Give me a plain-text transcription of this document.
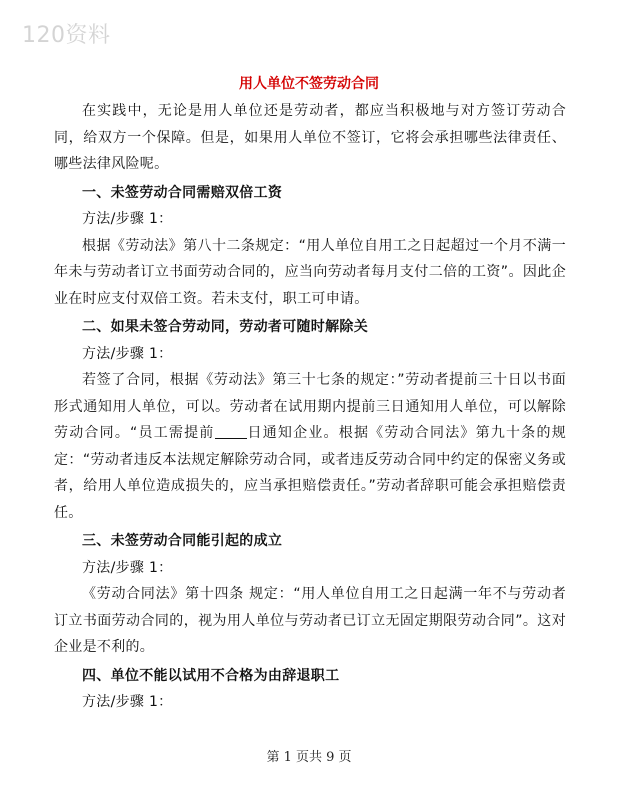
120资料
用人单位不签劳动合同

在实践中，无论是用人单位还是劳动者，都应当积极地与对方签订劳动合同，给双方一个保障。但是，如果用人单位不签订，它将会承担哪些法律责任、哪些法律风险呢。

一、未签劳动合同需赔双倍工资

方法/步骤 1：

根据《劳动法》第八十二条规定：“用人单位自用工之日起超过一个月不满一年未与劳动者订立书面劳动合同的，应当向劳动者每月支付二倍的工资”。因此企业在时应支付双倍工资。若未支付，职工可申请。

二、如果未签合劳动同，劳动者可随时解除关

方法/步骤 1：

若签了合同，根据《劳动法》第三十七条的规定：”劳动者提前三十日以书面形式通知用人单位，可以。劳动者在试用期内提前三日通知用人单位，可以解除劳动合同。“员工需提前 日通知企业。根据《劳动合同法》第九十条的规定：“劳动者违反本法规定解除劳动合同，或者违反劳动合同中约定的保密义务或者，给用人单位造成损失的，应当承担赔偿责任。”劳动者辞职可能会承担赔偿责任。

三、未签劳动合同能引起的成立

方法/步骤 1：

《劳动合同法》第十四条 规定：“用人单位自用工之日起满一年不与劳动者订立书面劳动合同的，视为用人单位与劳动者已订立无固定期限劳动合同”。这对企业是不利的。

四、单位不能以试用不合格为由辞退职工

方法/步骤 1：

第 1 页共 9 页
